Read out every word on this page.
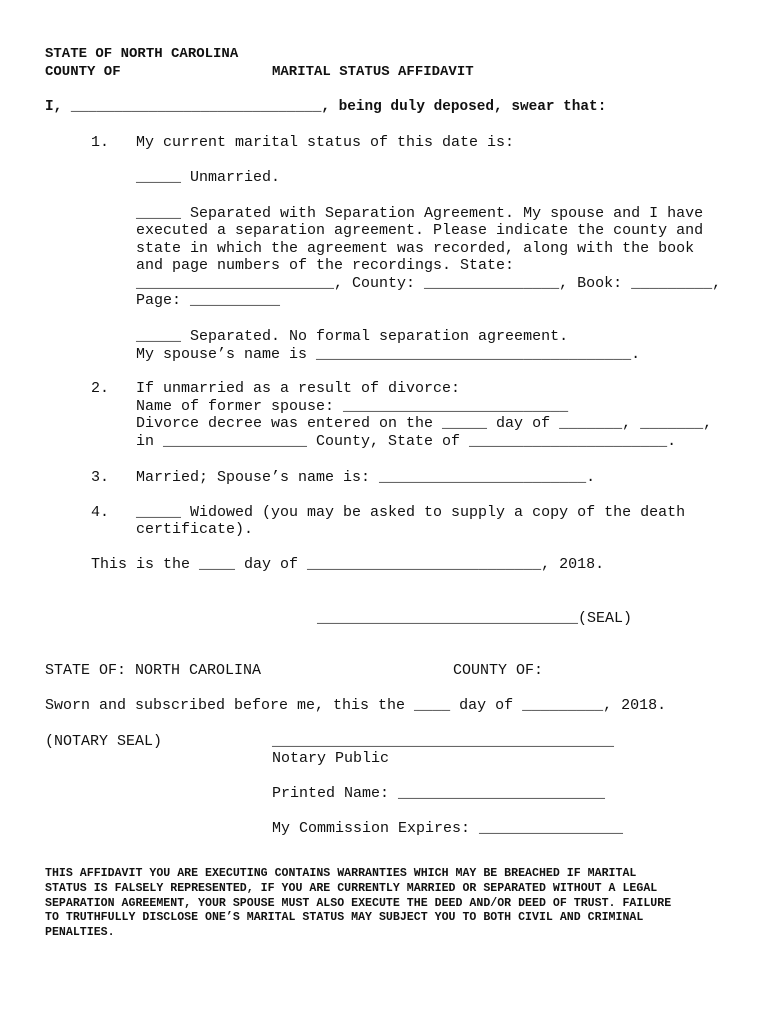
STATE OF NORTH CAROLINA
COUNTY OF	MARITAL STATUS AFFIDAVIT
I, _____________________________, being duly deposed, swear that:
1. My current marital status of this date is:
_____ Unmarried.
_____ Separated with Separation Agreement. My spouse and I have
executed a separation agreement. Please indicate the county and
state in which the agreement was recorded, along with the book
and page numbers of the recordings. State:
______________________, County: _______________, Book: _________,
Page: __________
_____ Separated. No formal separation agreement.
My spouse’s name is ___________________________________.
2. If unmarried as a result of divorce:
Name of former spouse: _________________________
Divorce decree was entered on the _____ day of _______, _______,
in ________________ County, State of ______________________.
3. Married; Spouse’s name is: _______________________.
4. _____ Widowed (you may be asked to supply a copy of the death
certificate).
This is the ____ day of __________________________, 2018.
_____________________________(SEAL)
STATE OF: NORTH CAROLINA	COUNTY OF:
Sworn and subscribed before me, this the ____ day of _________, 2018.
(NOTARY SEAL)	______________________________________
Notary Public
Printed Name: _______________________
My Commission Expires: ________________
THIS AFFIDAVIT YOU ARE EXECUTING CONTAINS WARRANTIES WHICH MAY BE BREACHED IF MARITAL
STATUS IS FALSELY REPRESENTED, IF YOU ARE CURRENTLY MARRIED OR SEPARATED WITHOUT A LEGAL
SEPARATION AGREEMENT, YOUR SPOUSE MUST ALSO EXECUTE THE DEED AND/OR DEED OF TRUST. FAILURE
TO TRUTHFULLY DISCLOSE ONE’S MARITAL STATUS MAY SUBJECT YOU TO BOTH CIVIL AND CRIMINAL
PENALTIES.
